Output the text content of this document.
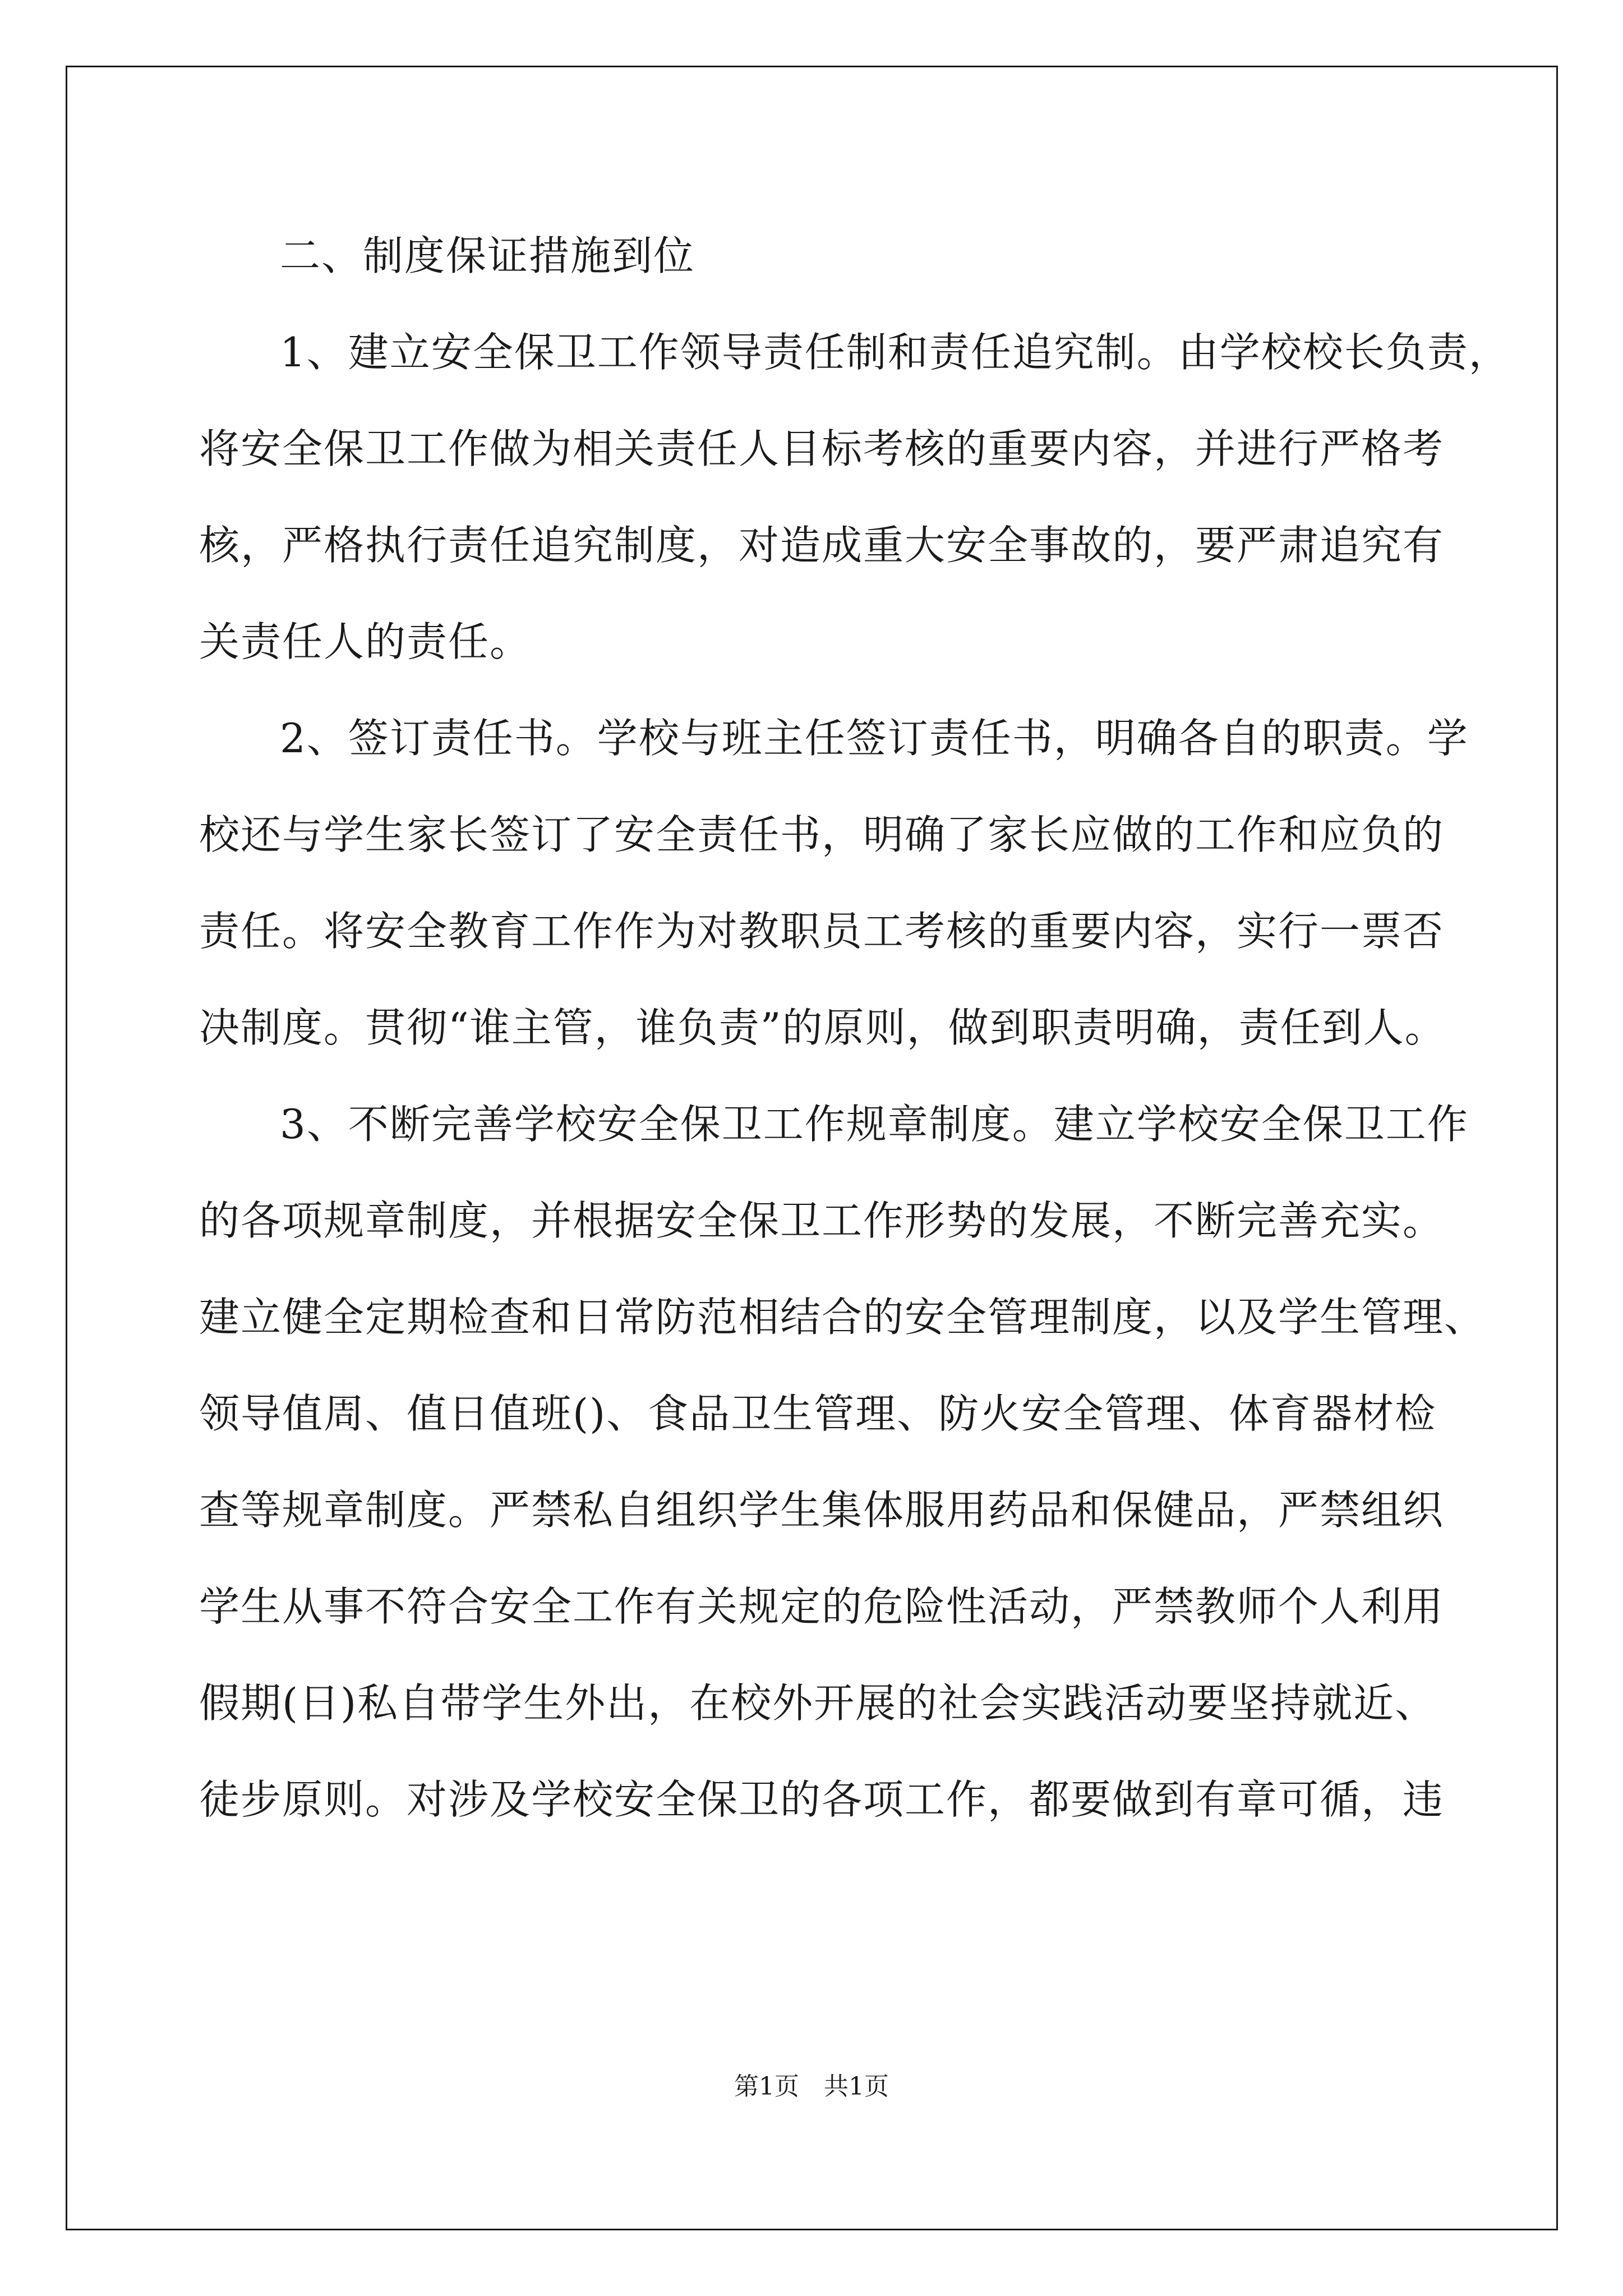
二、制度保证措施到位
1、建立安全保卫工作领导责任制和责任追究制。由学校校长负责，
将安全保卫工作做为相关责任人目标考核的重要内容，并进行严格考
核，严格执行责任追究制度，对造成重大安全事故的，要严肃追究有
关责任人的责任。
2、签订责任书。学校与班主任签订责任书，明确各自的职责。学
校还与学生家长签订了安全责任书，明确了家长应做的工作和应负的
责任。将安全教育工作作为对教职员工考核的重要内容，实行一票否
决制度。贯彻“谁主管，谁负责”的原则，做到职责明确，责任到人。
3、不断完善学校安全保卫工作规章制度。建立学校安全保卫工作
的各项规章制度，并根据安全保卫工作形势的发展，不断完善充实。
建立健全定期检查和日常防范相结合的安全管理制度，以及学生管理、
领导值周、值日值班()、食品卫生管理、防火安全管理、体育器材检
查等规章制度。严禁私自组织学生集体服用药品和保健品，严禁组织
学生从事不符合安全工作有关规定的危险性活动，严禁教师个人利用
假期(日)私自带学生外出，在校外开展的社会实践活动要坚持就近、
徒步原则。对涉及学校安全保卫的各项工作，都要做到有章可循，违
第1页　共1页
